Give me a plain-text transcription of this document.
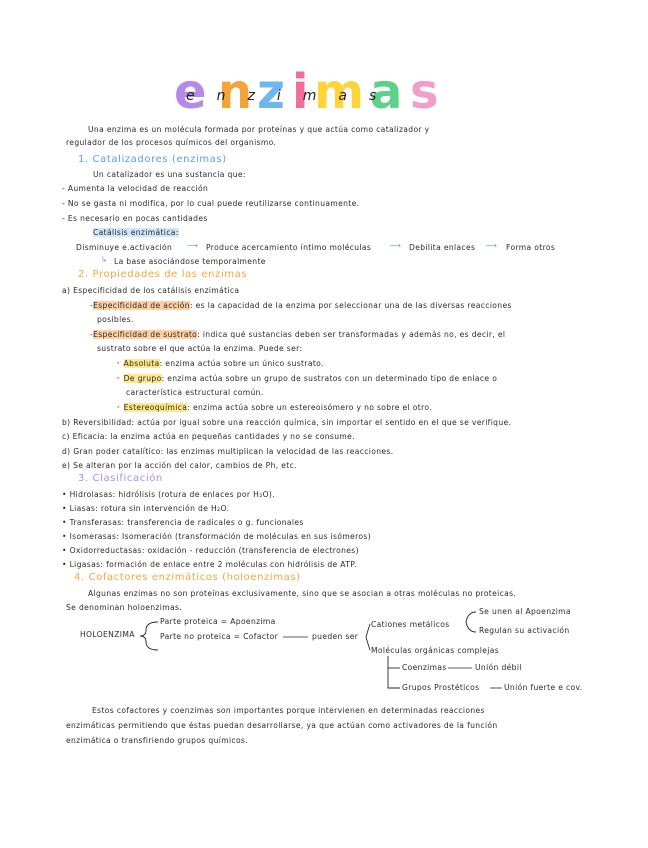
e n z i m a s
enzimas
Una enzima es un molécula formada por proteínas y que actúa como catalizador y
regulador de los procesos químicos del organismo.
1. Catalizadores (enzimas)
Un catalizador es una sustancia que:
- Aumenta la velocidad de reacción
- No se gasta ni modifica, por lo cual puede reutilizarse continuamente.
- Es necesario en pocas cantidades
Catálisis enzimática:
Disminuye e.activación ⟶ Produce acercamiento íntimo moléculas ⟶ Debilita enlaces ⟶ Forma otros
↳ La base asociándose temporalmente
2. Propiedades de las enzimas
a) Especificidad de los catálisis enzimática
-Especificidad de acción: es la capacidad de la enzima por seleccionar una de las diversas reacciones
posibles.
-Especificidad de sustrato: indica qué sustancias deben ser transformadas y además no, es decir, el
sustrato sobre el que actúa la enzima. Puede ser:
• Absoluta: enzima actúa sobre un único sustrato.
• De grupo: enzima actúa sobre un grupo de sustratos con un determinado tipo de enlace o
característica estructural común.
• Estereoquímica: enzima actúa sobre un estereoisómero y no sobre el otro.
b) Reversibilidad: actúa por igual sobre una reacción química, sin importar el sentido en el que se verifique.
c) Eficacia: la enzima actúa en pequeñas cantidades y no se consume.
d) Gran poder catalítico: las enzimas multiplican la velocidad de las reacciones.
e) Se alteran por la acción del calor, cambios de Ph, etc.
3. Clasificación
• Hidrolasas: hidrólisis (rotura de enlaces por H₂O).
• Liasas: rotura sin intervención de H₂O.
• Transferasas: transferencia de radicales o g. funcionales
• Isomerasas: Isomeración (transformación de moléculas en sus isómeros)
• Oxidorreductasas: oxidación - reducción (transferencia de electrones)
• Ligasas: formación de enlace entre 2 moléculas con hidrólisis de ATP.
4. Cofactores enzimáticos (holoenzimas)
Algunas enzimas no son proteínas exclusivamente, sino que se asocian a otras moléculas no proteicas.
Se denominan holoenzimas.
HOLOENZIMA
Parte proteica = Apoenzima
Parte no proteica = Cofactor	pueden ser
Cationes metálicos
Se unen al Apoenzima
Regulan su activación
Moléculas orgánicas complejas
Coenzimas	Unión débil
Grupos Prostéticos	Unión fuerte e cov.
Estos cofactores y coenzimas son importantes porque intervienen en determinadas reacciones
enzimáticas permitiendo que éstas puedan desarrollarse, ya que actúan como activadores de la función
enzimática o transfiriendo grupos químicos.
